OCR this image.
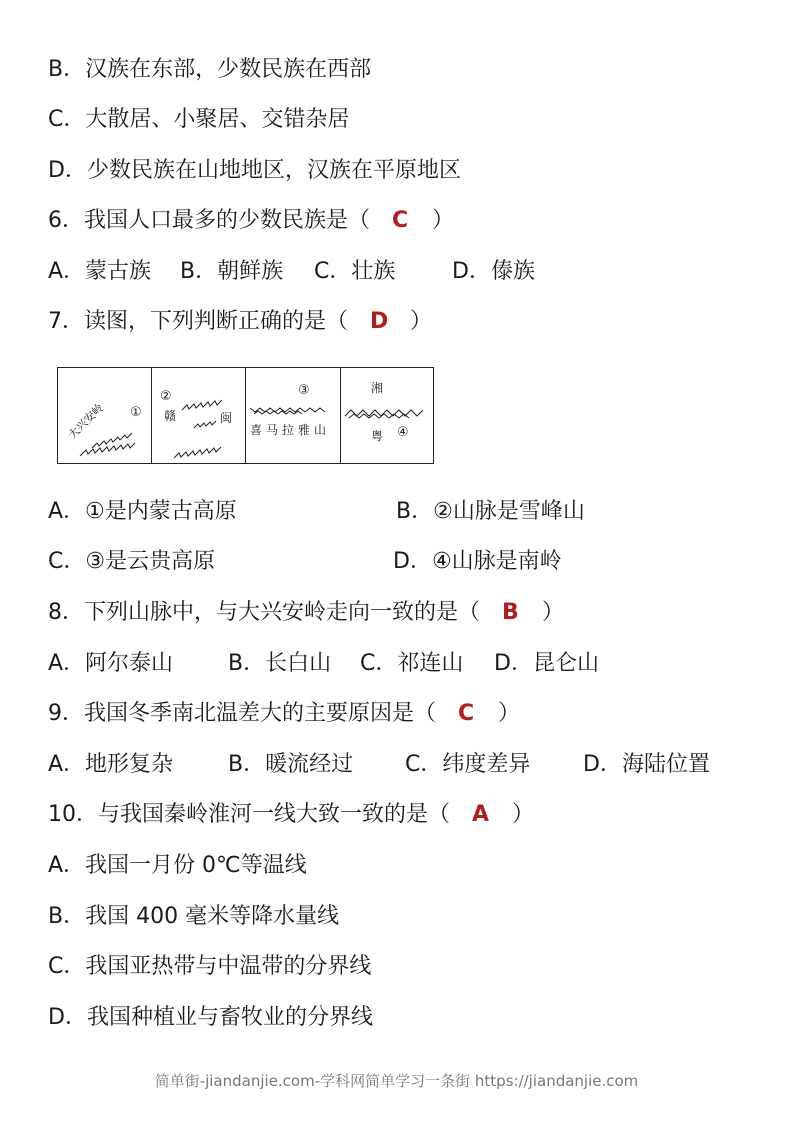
B．汉族在东部，少数民族在西部
C．大散居、小聚居、交错杂居
D．少数民族在山地地区，汉族在平原地区
6．我国人口最多的少数民族是（ C ）
A．蒙古族 B．朝鲜族 C．壮族	D．傣族
7．读图，下列判断正确的是（ D ）
大兴安岭 ①
②
赣	闽
③
喜马拉雅山
湘
粤 ④
A．①是内蒙古高原	B．②山脉是雪峰山
C．③是云贵高原	D．④山脉是南岭
8．下列山脉中，与大兴安岭走向一致的是（ B ）
A．阿尔泰山 B．长白山 C．祁连山 D．昆仑山
9．我国冬季南北温差大的主要原因是（ C ）
A．地形复杂 B．暖流经过 C．纬度差异 D．海陆位置
10．与我国秦岭淮河一线大致一致的是（ A ）
A．我国一月份 0℃等温线
B．我国 400 毫米等降水量线
C．我国亚热带与中温带的分界线
D．我国种植业与畜牧业的分界线
简单街-jiandanjie.com-学科网简单学习一条街 https://jiandanjie.com
